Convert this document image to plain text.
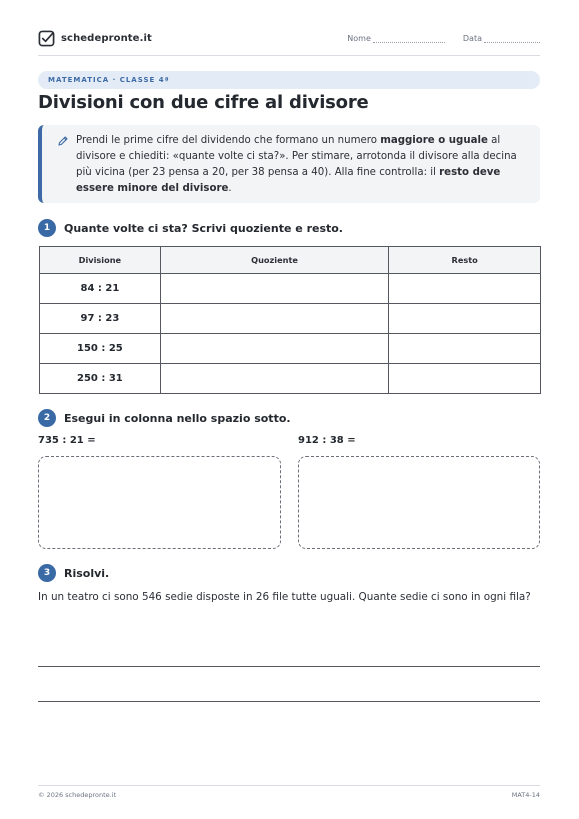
schedepronte.it	Nome	Data
MATEMATICA · CLASSE 4ª
Divisioni con due cifre al divisore

Prendi le prime cifre del dividendo che formano un numero maggiore o uguale al divisore e chiediti: «quante volte ci sta?». Per stimare, arrotonda il divisore alla decina più vicina (per 23 pensa a 20, per 38 pensa a 40). Alla fine controlla: il resto deve essere minore del divisore.

1	Quante volte ci sta? Scrivi quoziente e resto.
Divisione	Quoziente	Resto
84 : 21		
97 : 23		
150 : 25		
250 : 31		
2	Esegui in colonna nello spazio sotto.
735 : 21 =	912 : 38 =
3	Risolvi.

In un teatro ci sono 546 sedie disposte in 26 file tutte uguali. Quante sedie ci sono in ogni fila?

© 2026 schedepronte.it	MAT4-14
